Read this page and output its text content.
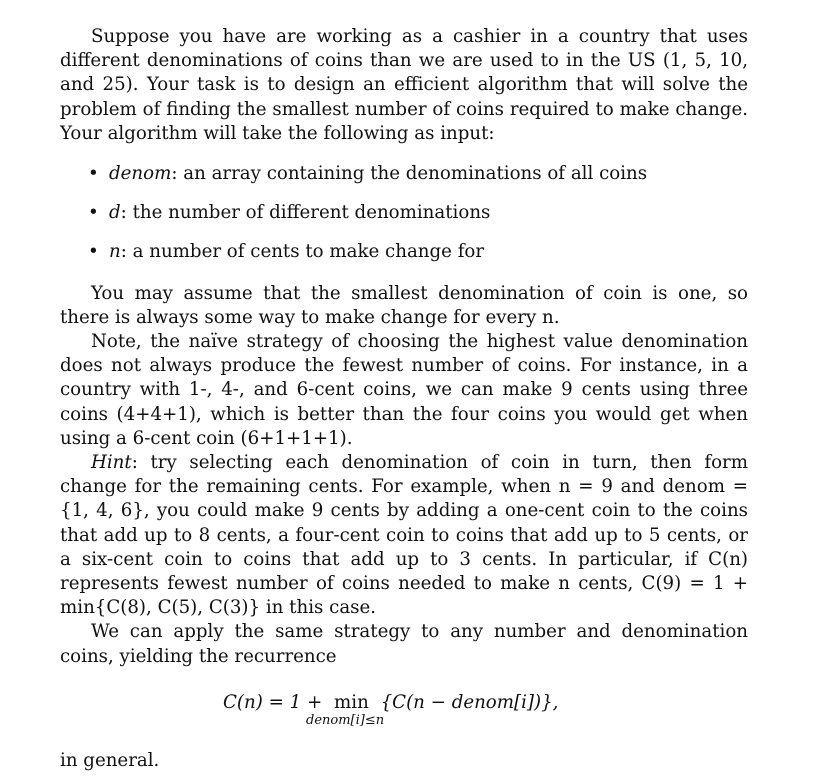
Suppose you have are working as a cashier in a country that uses different denominations of coins than we are used to in the US (1, 5, 10, and 25). Your task is to design an efficient algorithm that will solve the problem of finding the smallest number of coins required to make change. Your algorithm will take the following as input:

• denom: an array containing the denominations of all coins
• d: the number of different denominations
• n: a number of cents to make change for

You may assume that the smallest denomination of coin is one, so there is always some way to make change for every n.

Note, the naïve strategy of choosing the highest value denomination does not always produce the fewest number of coins. For instance, in a country with 1-, 4-, and 6-cent coins, we can make 9 cents using three coins (4+4+1), which is better than the four coins you would get when using a 6-cent coin (6+1+1+1).

Hint: try selecting each denomination of coin in turn, then form change for the remaining cents. For example, when n = 9 and denom = {1, 4, 6}, you could make 9 cents by adding a one-cent coin to the coins that add up to 8 cents, a four-cent coin to coins that add up to 5 cents, or a six-cent coin to coins that add up to 3 cents. In particular, if C(n) represents fewest number of coins needed to make n cents, C(9) = 1 + min{C(8), C(5), C(3)} in this case.

We can apply the same strategy to any number and denomination coins, yielding the recurrence

C(n) = 1 + min
denom[i]≤n
{C(n − denom[i])},

in general.
